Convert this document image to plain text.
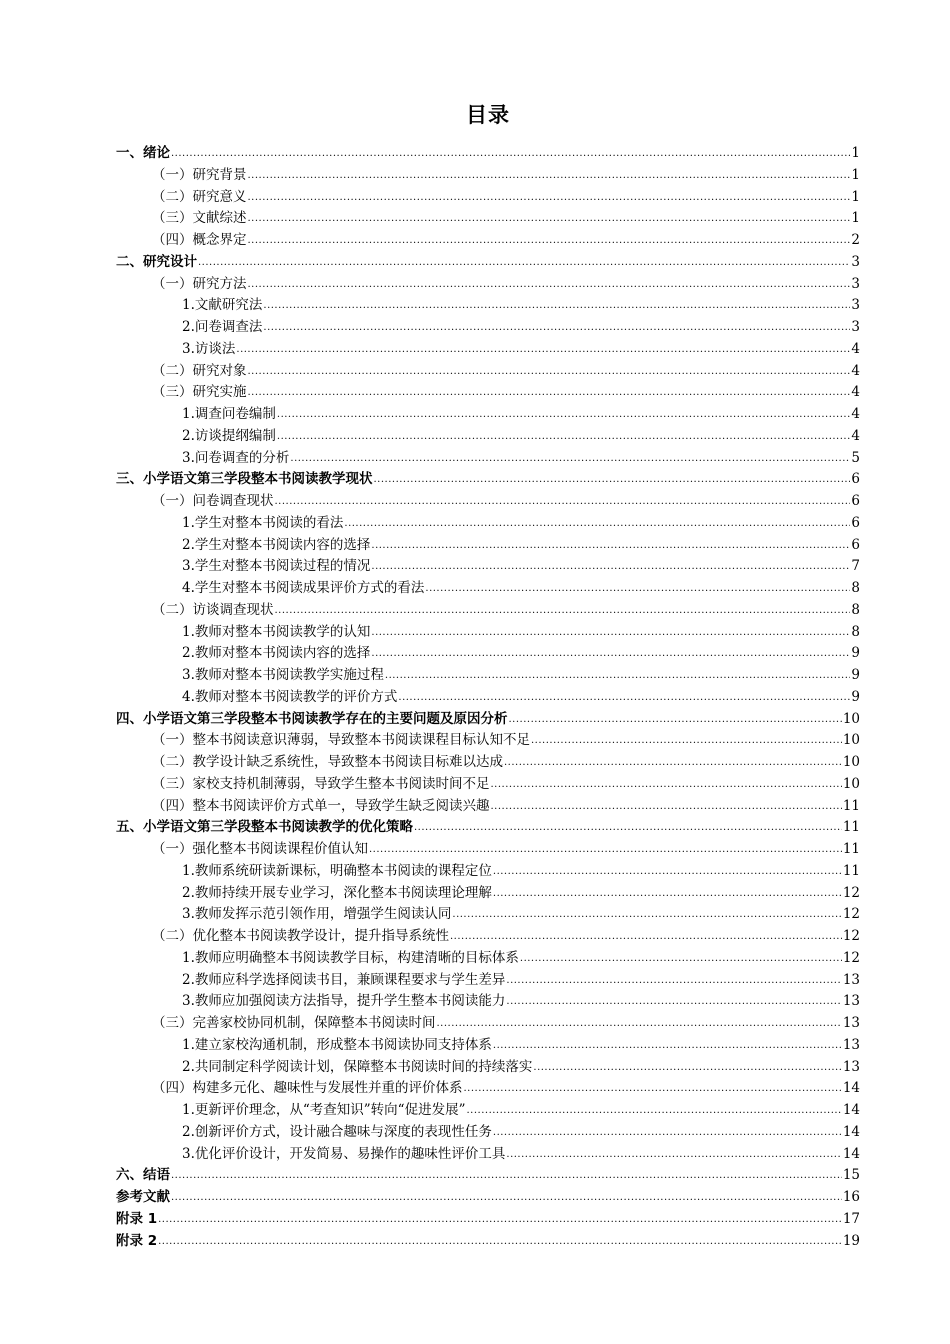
目录
一、绪论 .....	1
（一）研究背景 .....	1
（二）研究意义 .....	1
（三）文献综述 .....	1
（四）概念界定 .....	2
二、研究设计 .....	3
（一）研究方法 .....	3
1.文献研究法 .....	3
2.问卷调查法 .....	3
3.访谈法 .....	4
（二）研究对象 .....	4
（三）研究实施 .....	4
1.调查问卷编制 .....	4
2.访谈提纲编制 .....	4
3.问卷调查的分析 .....	5
三、小学语文第三学段整本书阅读教学现状 .....	6
（一）问卷调查现状 .....	6
1.学生对整本书阅读的看法 .....	6
2.学生对整本书阅读内容的选择 .....	6
3.学生对整本书阅读过程的情况 .....	7
4.学生对整本书阅读成果评价方式的看法 .....	8
（二）访谈调查现状 .....	8
1.教师对整本书阅读教学的认知 .....	8
2.教师对整本书阅读内容的选择 .....	9
3.教师对整本书阅读教学实施过程 .....	9
4.教师对整本书阅读教学的评价方式 .....	9
四、小学语文第三学段整本书阅读教学存在的主要问题及原因分析 .....	10
（一）整本书阅读意识薄弱，导致整本书阅读课程目标认知不足 .....	10
（二）教学设计缺乏系统性，导致整本书阅读目标难以达成 .....	10
（三）家校支持机制薄弱，导致学生整本书阅读时间不足 .....	10
（四）整本书阅读评价方式单一，导致学生缺乏阅读兴趣 .....	11
五、小学语文第三学段整本书阅读教学的优化策略 .....	11
（一）强化整本书阅读课程价值认知 .....	11
1.教师系统研读新课标，明确整本书阅读的课程定位 .....	11
2.教师持续开展专业学习，深化整本书阅读理论理解 .....	12
3.教师发挥示范引领作用，增强学生阅读认同 .....	12
（二）优化整本书阅读教学设计，提升指导系统性 .....	12
1.教师应明确整本书阅读教学目标，构建清晰的目标体系 .....	12
2.教师应科学选择阅读书目，兼顾课程要求与学生差异 .....	13
3.教师应加强阅读方法指导，提升学生整本书阅读能力 .....	13
（三）完善家校协同机制，保障整本书阅读时间 .....	13
1.建立家校沟通机制，形成整本书阅读协同支持体系 .....	13
2.共同制定科学阅读计划，保障整本书阅读时间的持续落实 .....	13
（四）构建多元化、趣味性与发展性并重的评价体系 .....	14
1.更新评价理念，从“考查知识”转向“促进发展” .....	14
2.创新评价方式，设计融合趣味与深度的表现性任务 .....	14
3.优化评价设计，开发简易、易操作的趣味性评价工具 .....	14
六、结语 .....	15
参考文献 .....	16
附录 1 .....	17
附录 2 .....	19
